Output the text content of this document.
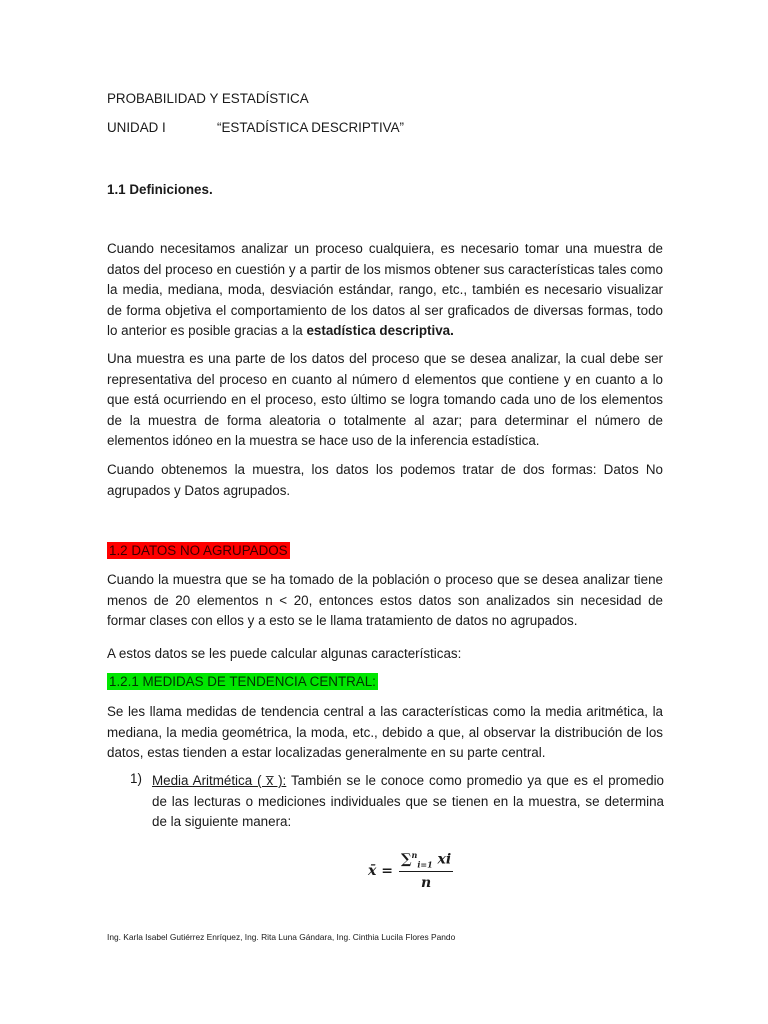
PROBABILIDAD Y ESTADÍSTICA
UNIDAD I	“ESTADÍSTICA DESCRIPTIVA”
1.1 Definiciones.
Cuando necesitamos analizar un proceso cualquiera, es necesario tomar una muestra de datos del proceso en cuestión y a partir de los mismos obtener sus características tales como la media, mediana, moda, desviación estándar, rango, etc., también es necesario visualizar de forma objetiva el comportamiento de los datos al ser graficados de diversas formas, todo lo anterior es posible gracias a la estadística descriptiva.
Una muestra es una parte de los datos del proceso que se desea analizar, la cual debe ser representativa del proceso en cuanto al número d elementos que contiene y en cuanto a lo que está ocurriendo en el proceso, esto último se logra tomando cada uno de los elementos de la muestra de forma aleatoria o totalmente al azar; para determinar el número de elementos idóneo en la muestra se hace uso de la inferencia estadística.
Cuando obtenemos la muestra, los datos los podemos tratar de dos formas: Datos No agrupados y Datos agrupados.
1.2 DATOS NO AGRUPADOS
Cuando la muestra que se ha tomado de la población o proceso que se desea analizar tiene menos de 20 elementos n < 20, entonces estos datos son analizados sin necesidad de formar clases con ellos y a esto se le llama tratamiento de datos no agrupados.
A estos datos se les puede calcular algunas características:
1.2.1 MEDIDAS DE TENDENCIA CENTRAL:
Se les llama medidas de tendencia central a las características como la media aritmética, la mediana, la media geométrica, la moda, etc., debido a que, al observar la distribución de los datos, estas tienden a estar localizadas generalmente en su parte central.
1) Media Aritmética ( x̅ ): También se le conoce como promedio ya que es el promedio de las lecturas o mediciones individuales que se tienen en la muestra, se determina de la siguiente manera:
x̄ = $\frac{\sum^n_{i=1} xi}{n}$
Ing. Karla Isabel Gutiérrez Enríquez, Ing. Rita Luna Gándara, Ing. Cinthia Lucila Flores Pando
